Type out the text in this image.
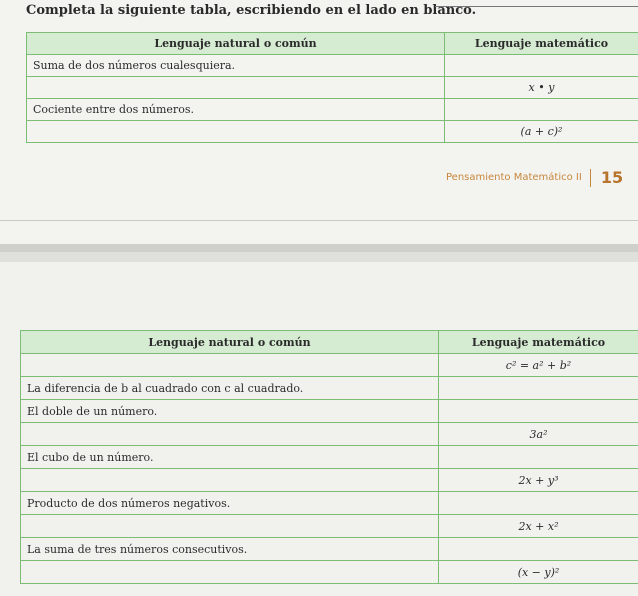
Completa la siguiente tabla, escribiendo en el lado en blanco.
Lenguaje natural o común	Lenguaje matemático
Suma de dos números cualesquiera.	
	x • y
Cociente entre dos números.	
	(a + c)²
Pensamiento Matemático II 15
Lenguaje natural o común	Lenguaje matemático
	c² = a² + b²
La diferencia de b al cuadrado con c al cuadrado.	
El doble de un número.	
	3a²
El cubo de un número.	
	2x + y³
Producto de dos números negativos.	
	2x + x²
La suma de tres números consecutivos.	
	(x − y)²
